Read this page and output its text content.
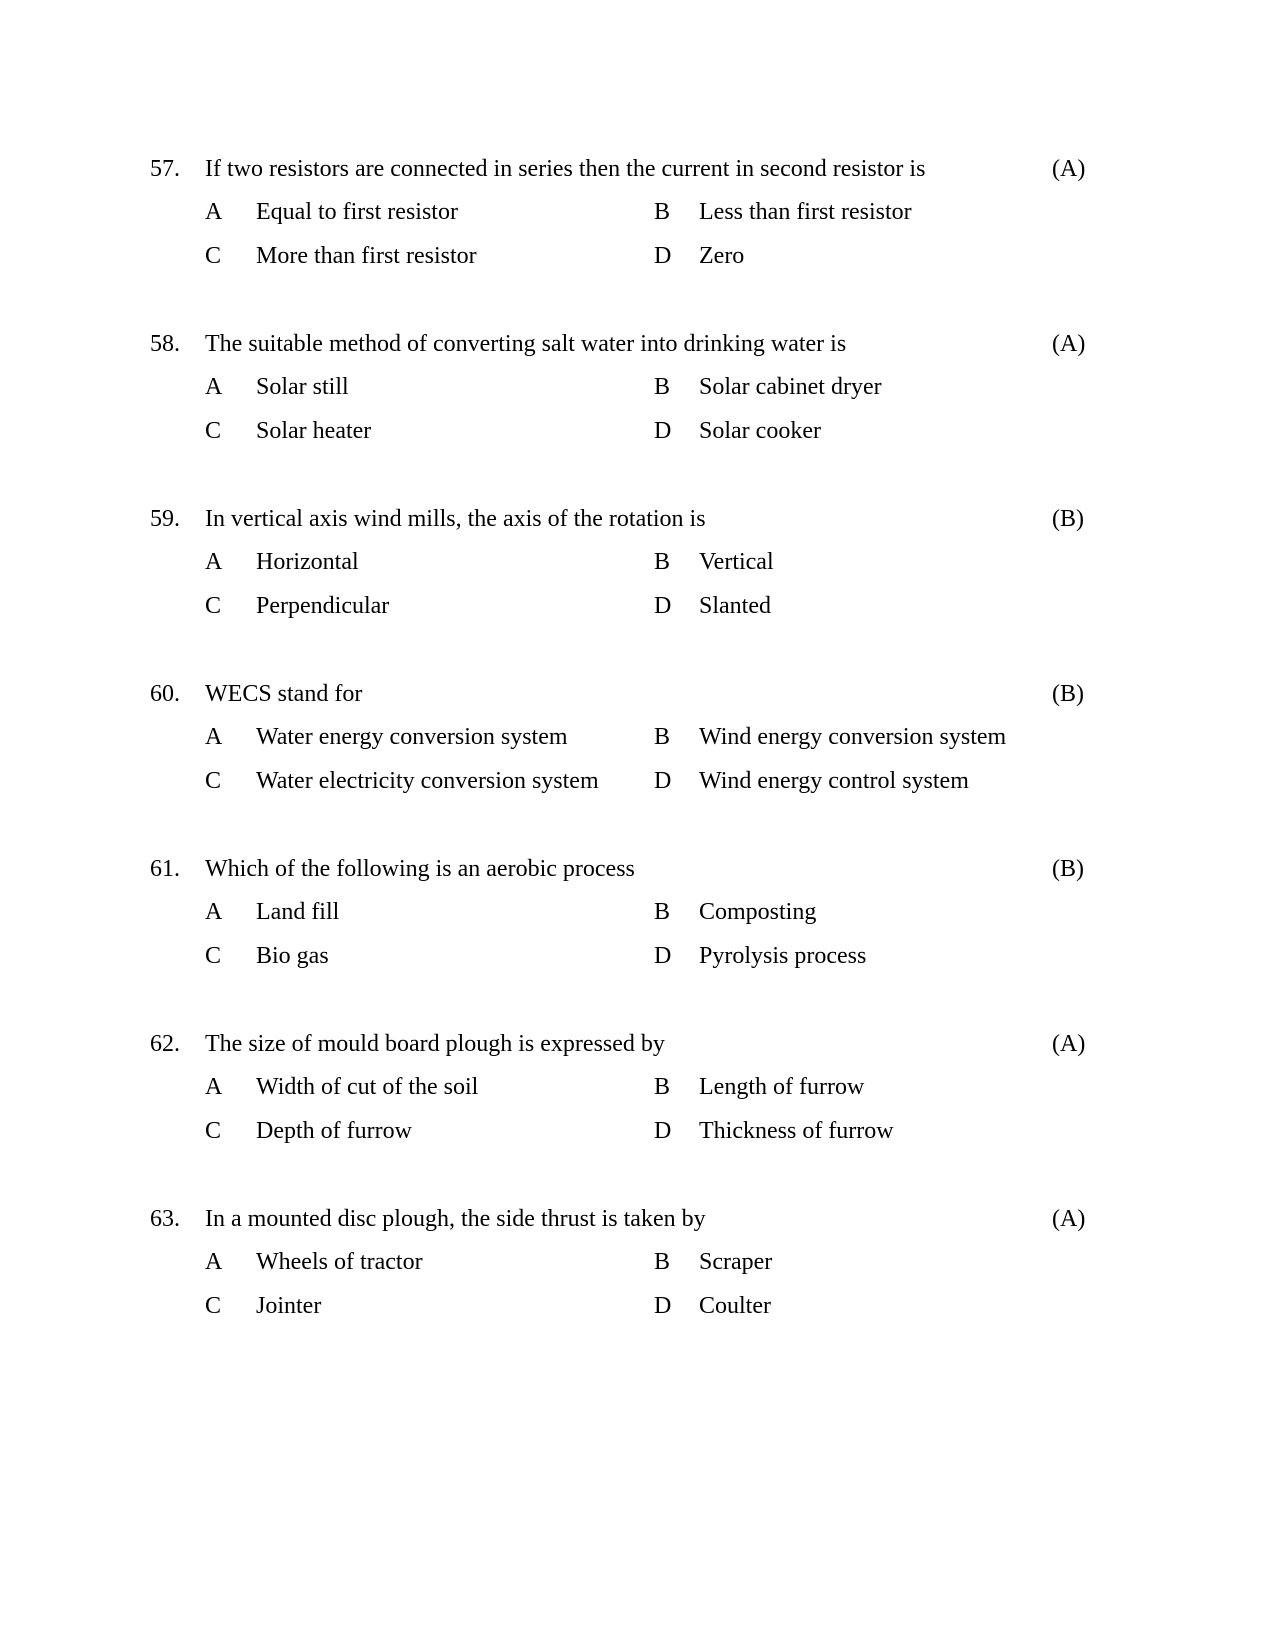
57. If two resistors are connected in series then the current in second resistor is	(A)
A Equal to first resistor	B Less than first resistor
C More than first resistor	D Zero
58. The suitable method of converting salt water into drinking water is	(A)
A Solar still	B Solar cabinet dryer
C Solar heater	D Solar cooker
59. In vertical axis wind mills, the axis of the rotation is	(B)
A Horizontal	B Vertical
C Perpendicular	D Slanted
60. WECS stand for	(B)
A Water energy conversion system	B Wind energy conversion system
C Water electricity conversion system D Wind energy control system
61. Which of the following is an aerobic process	(B)
A Land fill	B Composting
C Bio gas	D Pyrolysis process
62. The size of mould board plough is expressed by	(A)
A Width of cut of the soil	B Length of furrow
C Depth of furrow	D Thickness of furrow
63. In a mounted disc plough, the side thrust is taken by	(A)
A Wheels of tractor	B Scraper
C Jointer	D Coulter
